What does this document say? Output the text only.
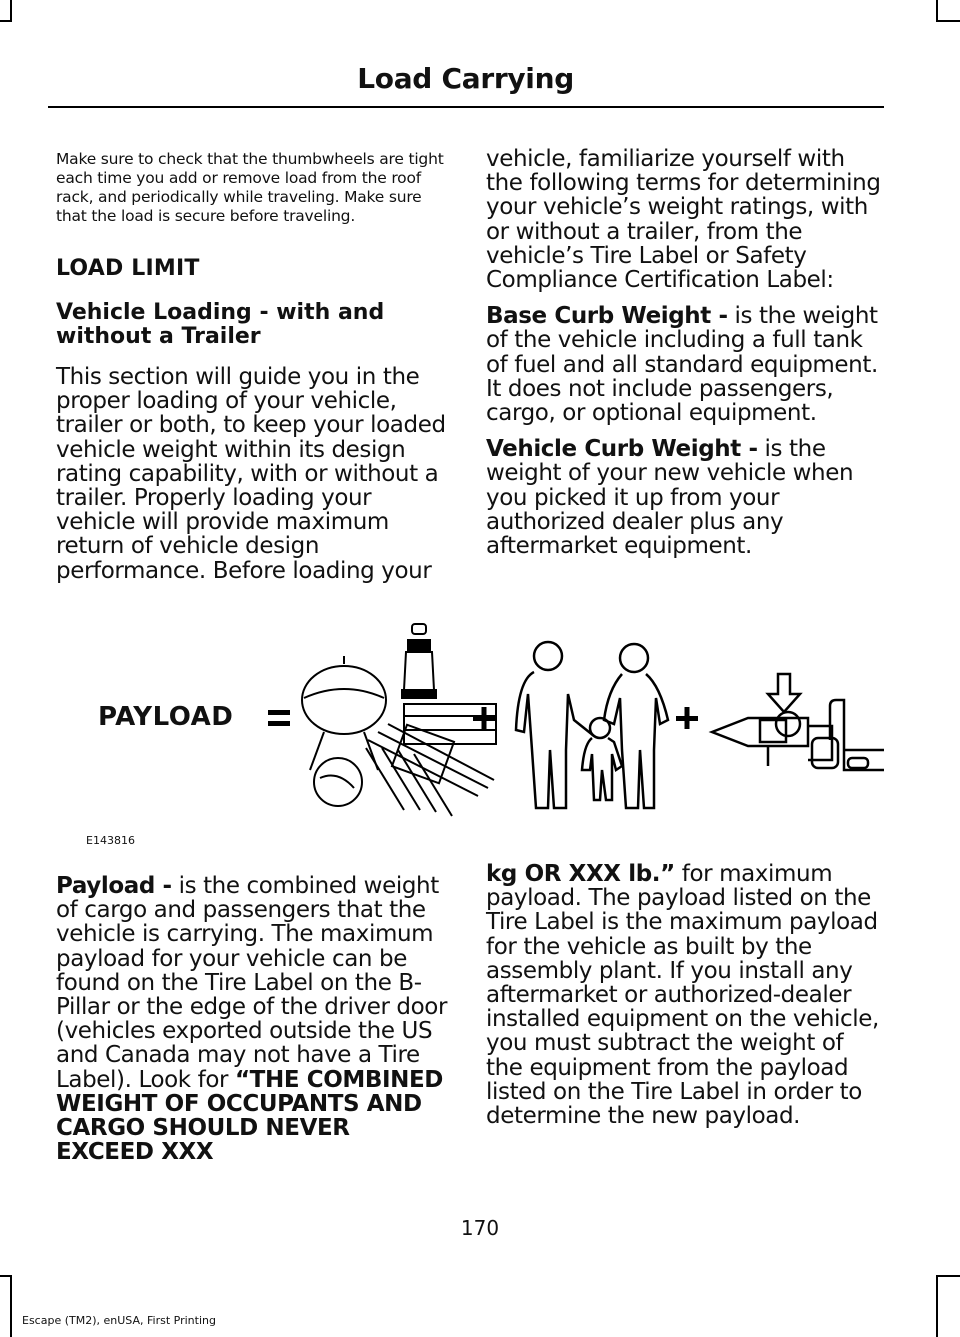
Load Carrying

Make sure to check that the thumbwheels are tight each time you add or remove load from the roof rack, and periodically while traveling. Make sure that the load is secure before traveling.

LOAD LIMIT
Vehicle Loading - with and without a Trailer

This section will guide you in the proper loading of your vehicle, trailer or both, to keep your loaded vehicle weight within its design rating capability, with or without a trailer. Properly loading your vehicle will provide maximum return of vehicle design performance. Before loading your

vehicle, familiarize yourself with the following terms for determining your vehicle’s weight ratings, with or without a trailer, from the vehicle’s Tire Label or Safety Compliance Certification Label:

Base Curb Weight - is the weight of the vehicle including a full tank of fuel and all standard equipment. It does not include passengers, cargo, or optional equipment.

Vehicle Curb Weight - is the weight of your new vehicle when you picked it up from your authorized dealer plus any aftermarket equipment.

PAYLOAD
E143816

Payload - is the combined weight of cargo and passengers that the vehicle is carrying. The maximum payload for your vehicle can be found on the Tire Label on the B-Pillar or the edge of the driver door (vehicles exported outside the US and Canada may not have a Tire Label). Look for “THE COMBINED WEIGHT OF OCCUPANTS AND CARGO SHOULD NEVER EXCEED XXX

kg OR XXX lb.” for maximum payload. The payload listed on the Tire Label is the maximum payload for the vehicle as built by the assembly plant. If you install any aftermarket or authorized-dealer installed equipment on the vehicle, you must subtract the weight of the equipment from the payload listed on the Tire Label in order to determine the new payload.

170
Escape (TM2), enUSA, First Printing
